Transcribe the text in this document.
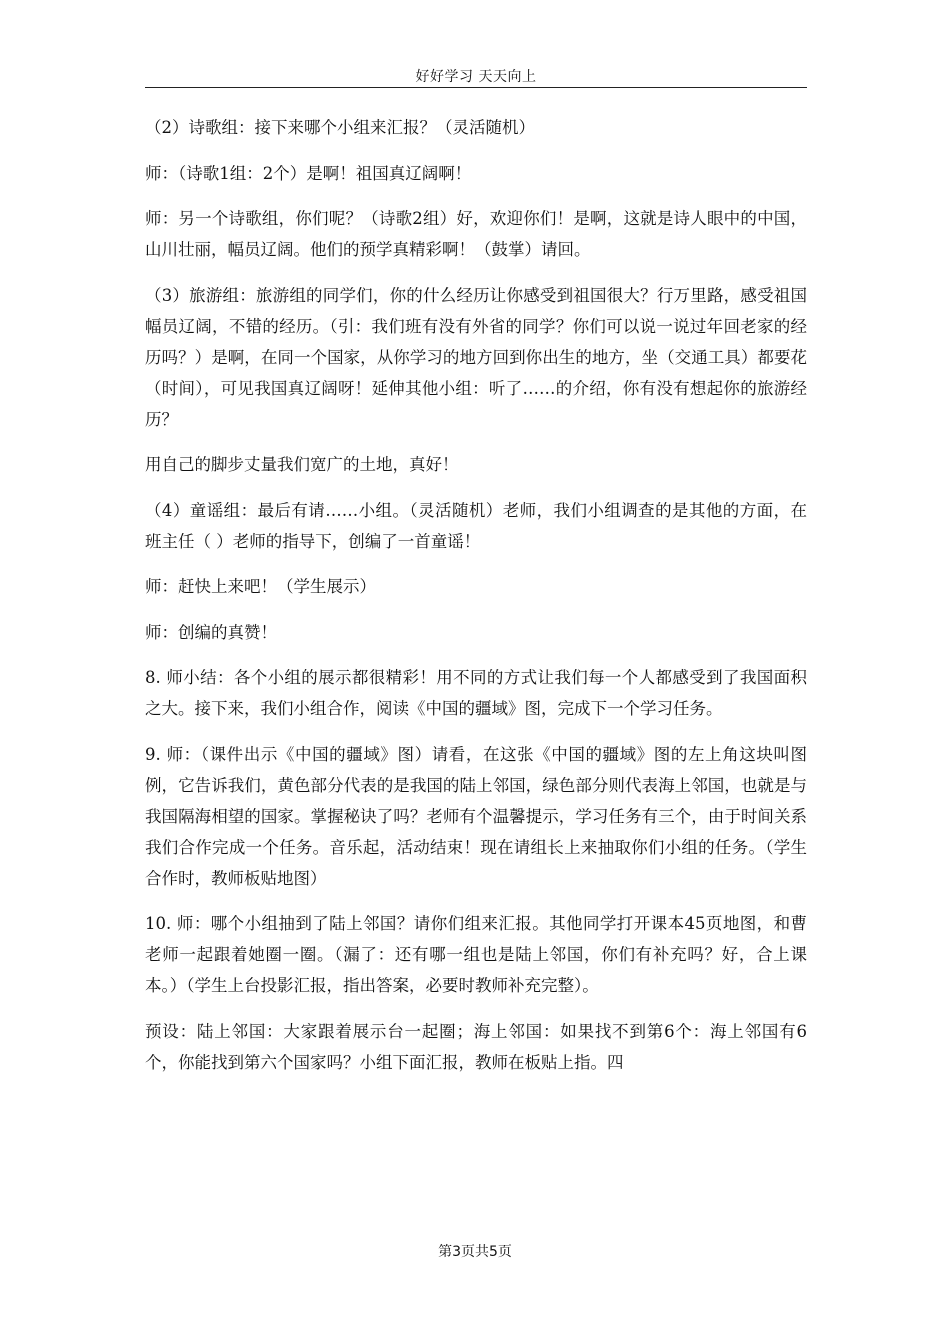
好好学习 天天向上

（2）诗歌组：接下来哪个小组来汇报？（灵活随机）

师：（诗歌1组：2个）是啊！祖国真辽阔啊！

师：另一个诗歌组，你们呢？（诗歌2组）好，欢迎你们！是啊，这就是诗人眼中的中国，山川壮丽，幅员辽阔。他们的预学真精彩啊！（鼓掌）请回。

（3）旅游组：旅游组的同学们，你的什么经历让你感受到祖国很大？行万里路，感受祖国幅员辽阔，不错的经历。（引：我们班有没有外省的同学？你们可以说一说过年回老家的经历吗？）是啊，在同一个国家，从你学习的地方回到你出生的地方，坐（交通工具）都要花（时间），可见我国真辽阔呀！延伸其他小组：听了……的介绍，你有没有想起你的旅游经历？

用自己的脚步丈量我们宽广的土地，真好！

（4）童谣组：最后有请……小组。（灵活随机）老师，我们小组调查的是其他的方面，在班主任（ ）老师的指导下，创编了一首童谣！

师：赶快上来吧！（学生展示）

师：创编的真赞！

8. 师小结：各个小组的展示都很精彩！用不同的方式让我们每一个人都感受到了我国面积之大。接下来，我们小组合作，阅读《中国的疆域》图，完成下一个学习任务。

9. 师：（课件出示《中国的疆域》图）请看，在这张《中国的疆域》图的左上角这块叫图例，它告诉我们，黄色部分代表的是我国的陆上邻国，绿色部分则代表海上邻国，也就是与我国隔海相望的国家。掌握秘诀了吗？老师有个温馨提示，学习任务有三个，由于时间关系我们合作完成一个任务。音乐起，活动结束！现在请组长上来抽取你们小组的任务。（学生合作时，教师板贴地图）

10. 师：哪个小组抽到了陆上邻国？请你们组来汇报。其他同学打开课本45页地图，和曹老师一起跟着她圈一圈。（漏了：还有哪一组也是陆上邻国，你们有补充吗？好，合上课本。）（学生上台投影汇报，指出答案，必要时教师补充完整）。

预设：陆上邻国：大家跟着展示台一起圈；海上邻国：如果找不到第6个：海上邻国有6个，你能找到第六个国家吗？小组下面汇报，教师在板贴上指。四

第3页共5页
